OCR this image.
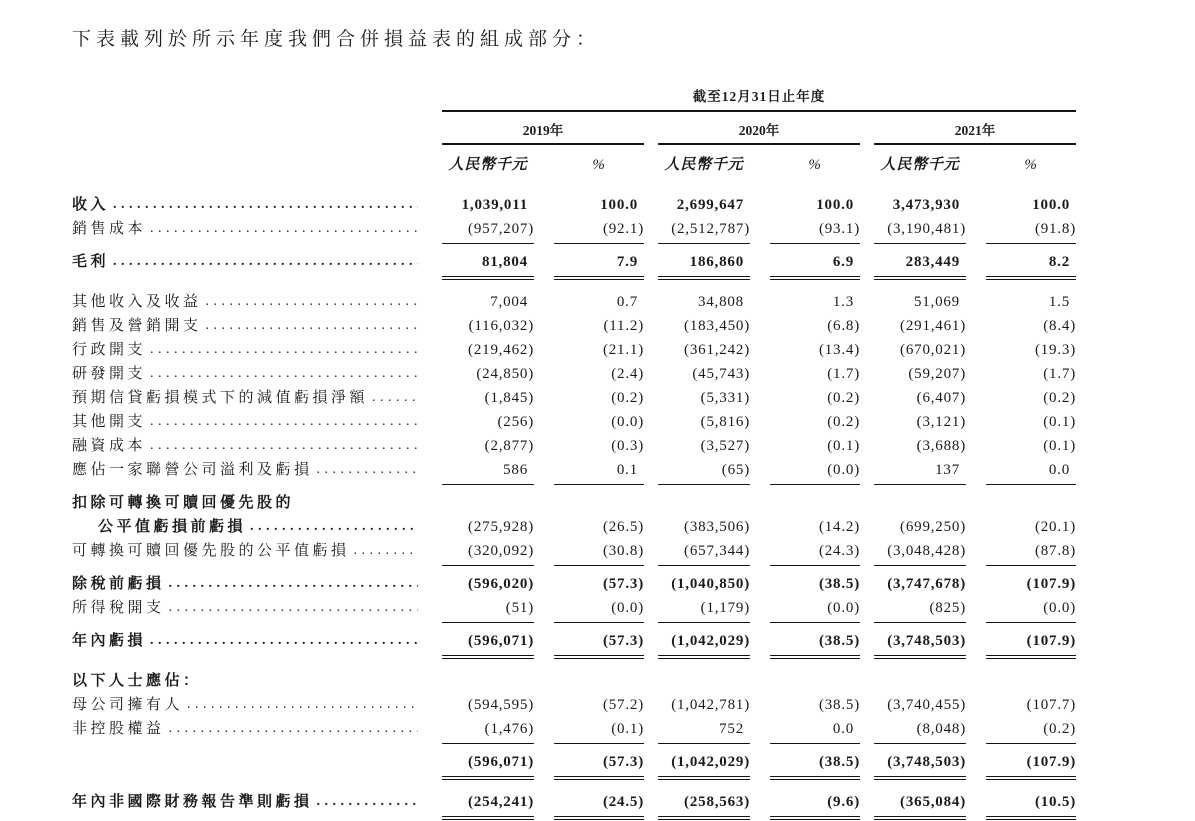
下表載列於所示年度我們合併損益表的組成部分：
截至12月31日止年度
2019年	2020年	2021年
人民幣千元	%	人民幣千元	%	人民幣千元	%
收入 .....	1,039,011	100.0	2,699,647	100.0	3,473,930	100.0
銷售成本 .....	(957,207)	(92.1)	(2,512,787)	(93.1)	(3,190,481)	(91.8)
毛利 .....	81,804	7.9	186,860	6.9	283,449	8.2
其他收入及收益 .....	7,004	0.7	34,808	1.3	51,069	1.5
銷售及營銷開支 .....	(116,032)	(11.2)	(183,450)	(6.8)	(291,461)	(8.4)
行政開支 .....	(219,462)	(21.1)	(361,242)	(13.4)	(670,021)	(19.3)
研發開支 .....	(24,850)	(2.4)	(45,743)	(1.7)	(59,207)	(1.7)
預期信貸虧損模式下的減值虧損淨額 .....	(1,845)	(0.2)	(5,331)	(0.2)	(6,407)	(0.2)
其他開支 .....	(256)	(0.0)	(5,816)	(0.2)	(3,121)	(0.1)
融資成本 .....	(2,877)	(0.3)	(3,527)	(0.1)	(3,688)	(0.1)
應佔一家聯營公司溢利及虧損 .....	586	0.1	(65)	(0.0)	137	0.0
扣除可轉換可贖回優先股的
公平值虧損前虧損 .....	(275,928)	(26.5)	(383,506)	(14.2)	(699,250)	(20.1)
可轉換可贖回優先股的公平值虧損 .....	(320,092)	(30.8)	(657,344)	(24.3)	(3,048,428)	(87.8)
除稅前虧損 .....	(596,020)	(57.3)	(1,040,850)	(38.5)	(3,747,678)	(107.9)
所得稅開支 .....	(51)	(0.0)	(1,179)	(0.0)	(825)	(0.0)
年內虧損 .....	(596,071)	(57.3)	(1,042,029)	(38.5)	(3,748,503)	(107.9)
以下人士應佔：
母公司擁有人 .....	(594,595)	(57.2)	(1,042,781)	(38.5)	(3,740,455)	(107.7)
非控股權益 .....	(1,476)	(0.1)	752	0.0	(8,048)	(0.2)
(596,071)	(57.3)	(1,042,029)	(38.5)	(3,748,503)	(107.9)
年內非國際財務報告準則虧損 .....	(254,241)	(24.5)	(258,563)	(9.6)	(365,084)	(10.5)
